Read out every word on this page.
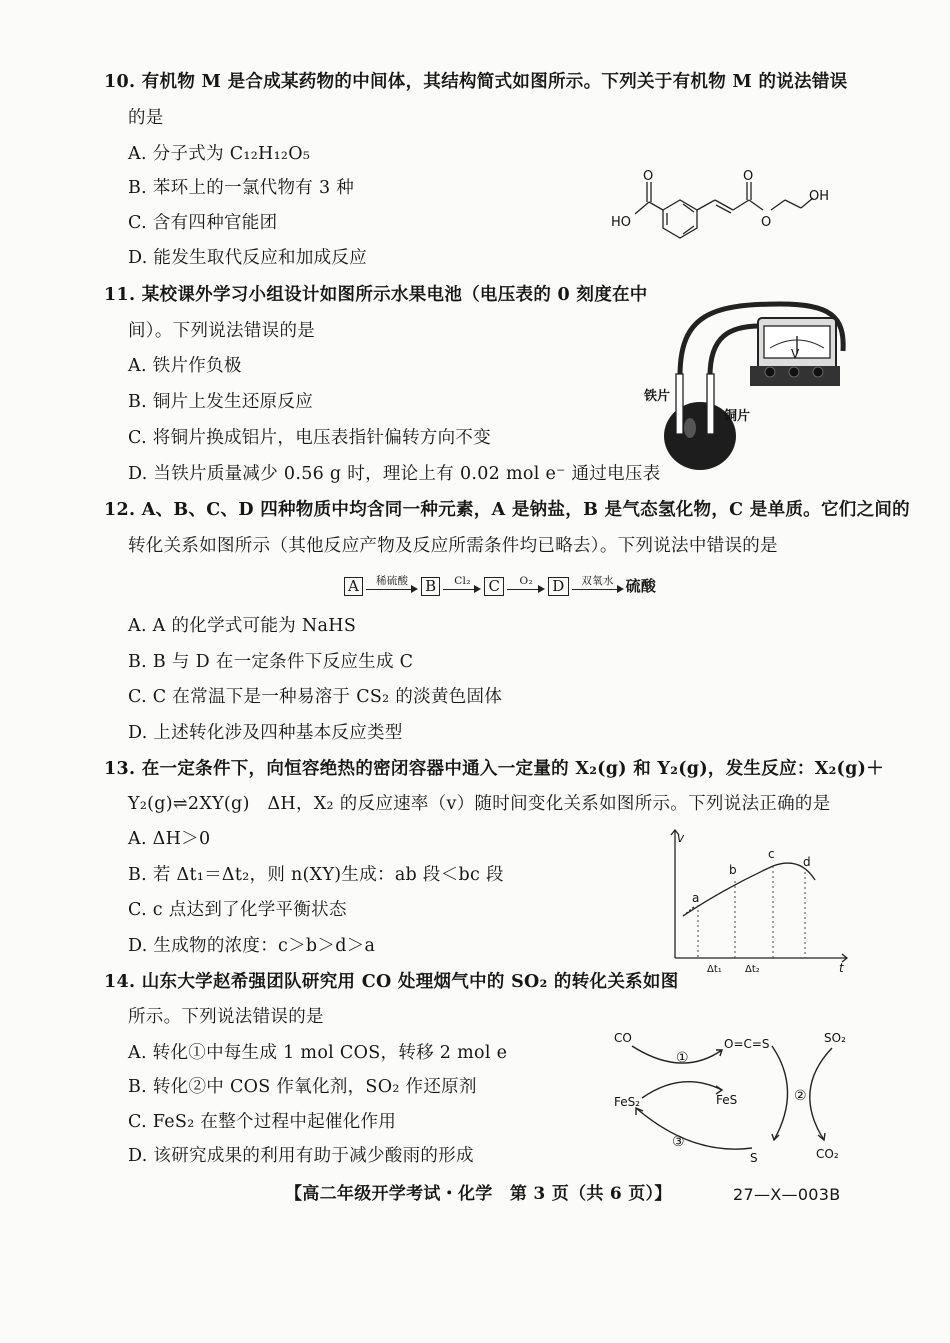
10. 有机物 M 是合成某药物的中间体，其结构简式如图所示。下列关于有机物 M 的说法错误
的是
A. 分子式为 C₁₂H₁₂O₅
B. 苯环上的一氯代物有 3 种
C. 含有四种官能团
D. 能发生取代反应和加成反应
O	O
HO	O
OH
11. 某校课外学习小组设计如图所示水果电池（电压表的 0 刻度在中
间）。下列说法错误的是
A. 铁片作负极
B. 铜片上发生还原反应
C. 将铜片换成铝片，电压表指针偏转方向不变
D. 当铁片质量减少 0.56 g 时，理论上有 0.02 mol e⁻ 通过电压表
V
铁片
铜片
12. A、B、C、D 四种物质中均含同一种元素，A 是钠盐，B 是气态氢化物，C 是单质。它们之间的
转化关系如图所示（其他反应产物及反应所需条件均已略去）。下列说法中错误的是
A	稀硫酸	B	Cl₂	C	O₂	D	双氧水 硫酸
A. A 的化学式可能为 NaHS
B. B 与 D 在一定条件下反应生成 C
C. C 在常温下是一种易溶于 CS₂ 的淡黄色固体
D. 上述转化涉及四种基本反应类型
13. 在一定条件下，向恒容绝热的密闭容器中通入一定量的 X₂(g) 和 Y₂(g)，发生反应：X₂(g)＋
Y₂(g)⇌2XY(g)　ΔH，X₂ 的反应速率（v）随时间变化关系如图所示。下列说法正确的是
A. ΔH＞0
B. 若 Δt₁＝Δt₂，则 n(XY)生成：ab 段＜bc 段
C. c 点达到了化学平衡状态
D. 生成物的浓度：c＞b＞d＞a
v
t
a
b
c
d
Δt₁ Δt₂
14. 山东大学赵希强团队研究用 CO 处理烟气中的 SO₂ 的转化关系如图
所示。下列说法错误的是
A. 转化①中每生成 1 mol COS，转移 2 mol e
B. 转化②中 COS 作氧化剂，SO₂ 作还原剂
C. FeS₂ 在整个过程中起催化作用
D. 该研究成果的利用有助于减少酸雨的形成
CO	O=C=S	SO₂
FeS₂	FeS
S	CO₂
①
②
③
【高二年级开学考试・化学　第 3 页（共 6 页）】	27—X—003B
